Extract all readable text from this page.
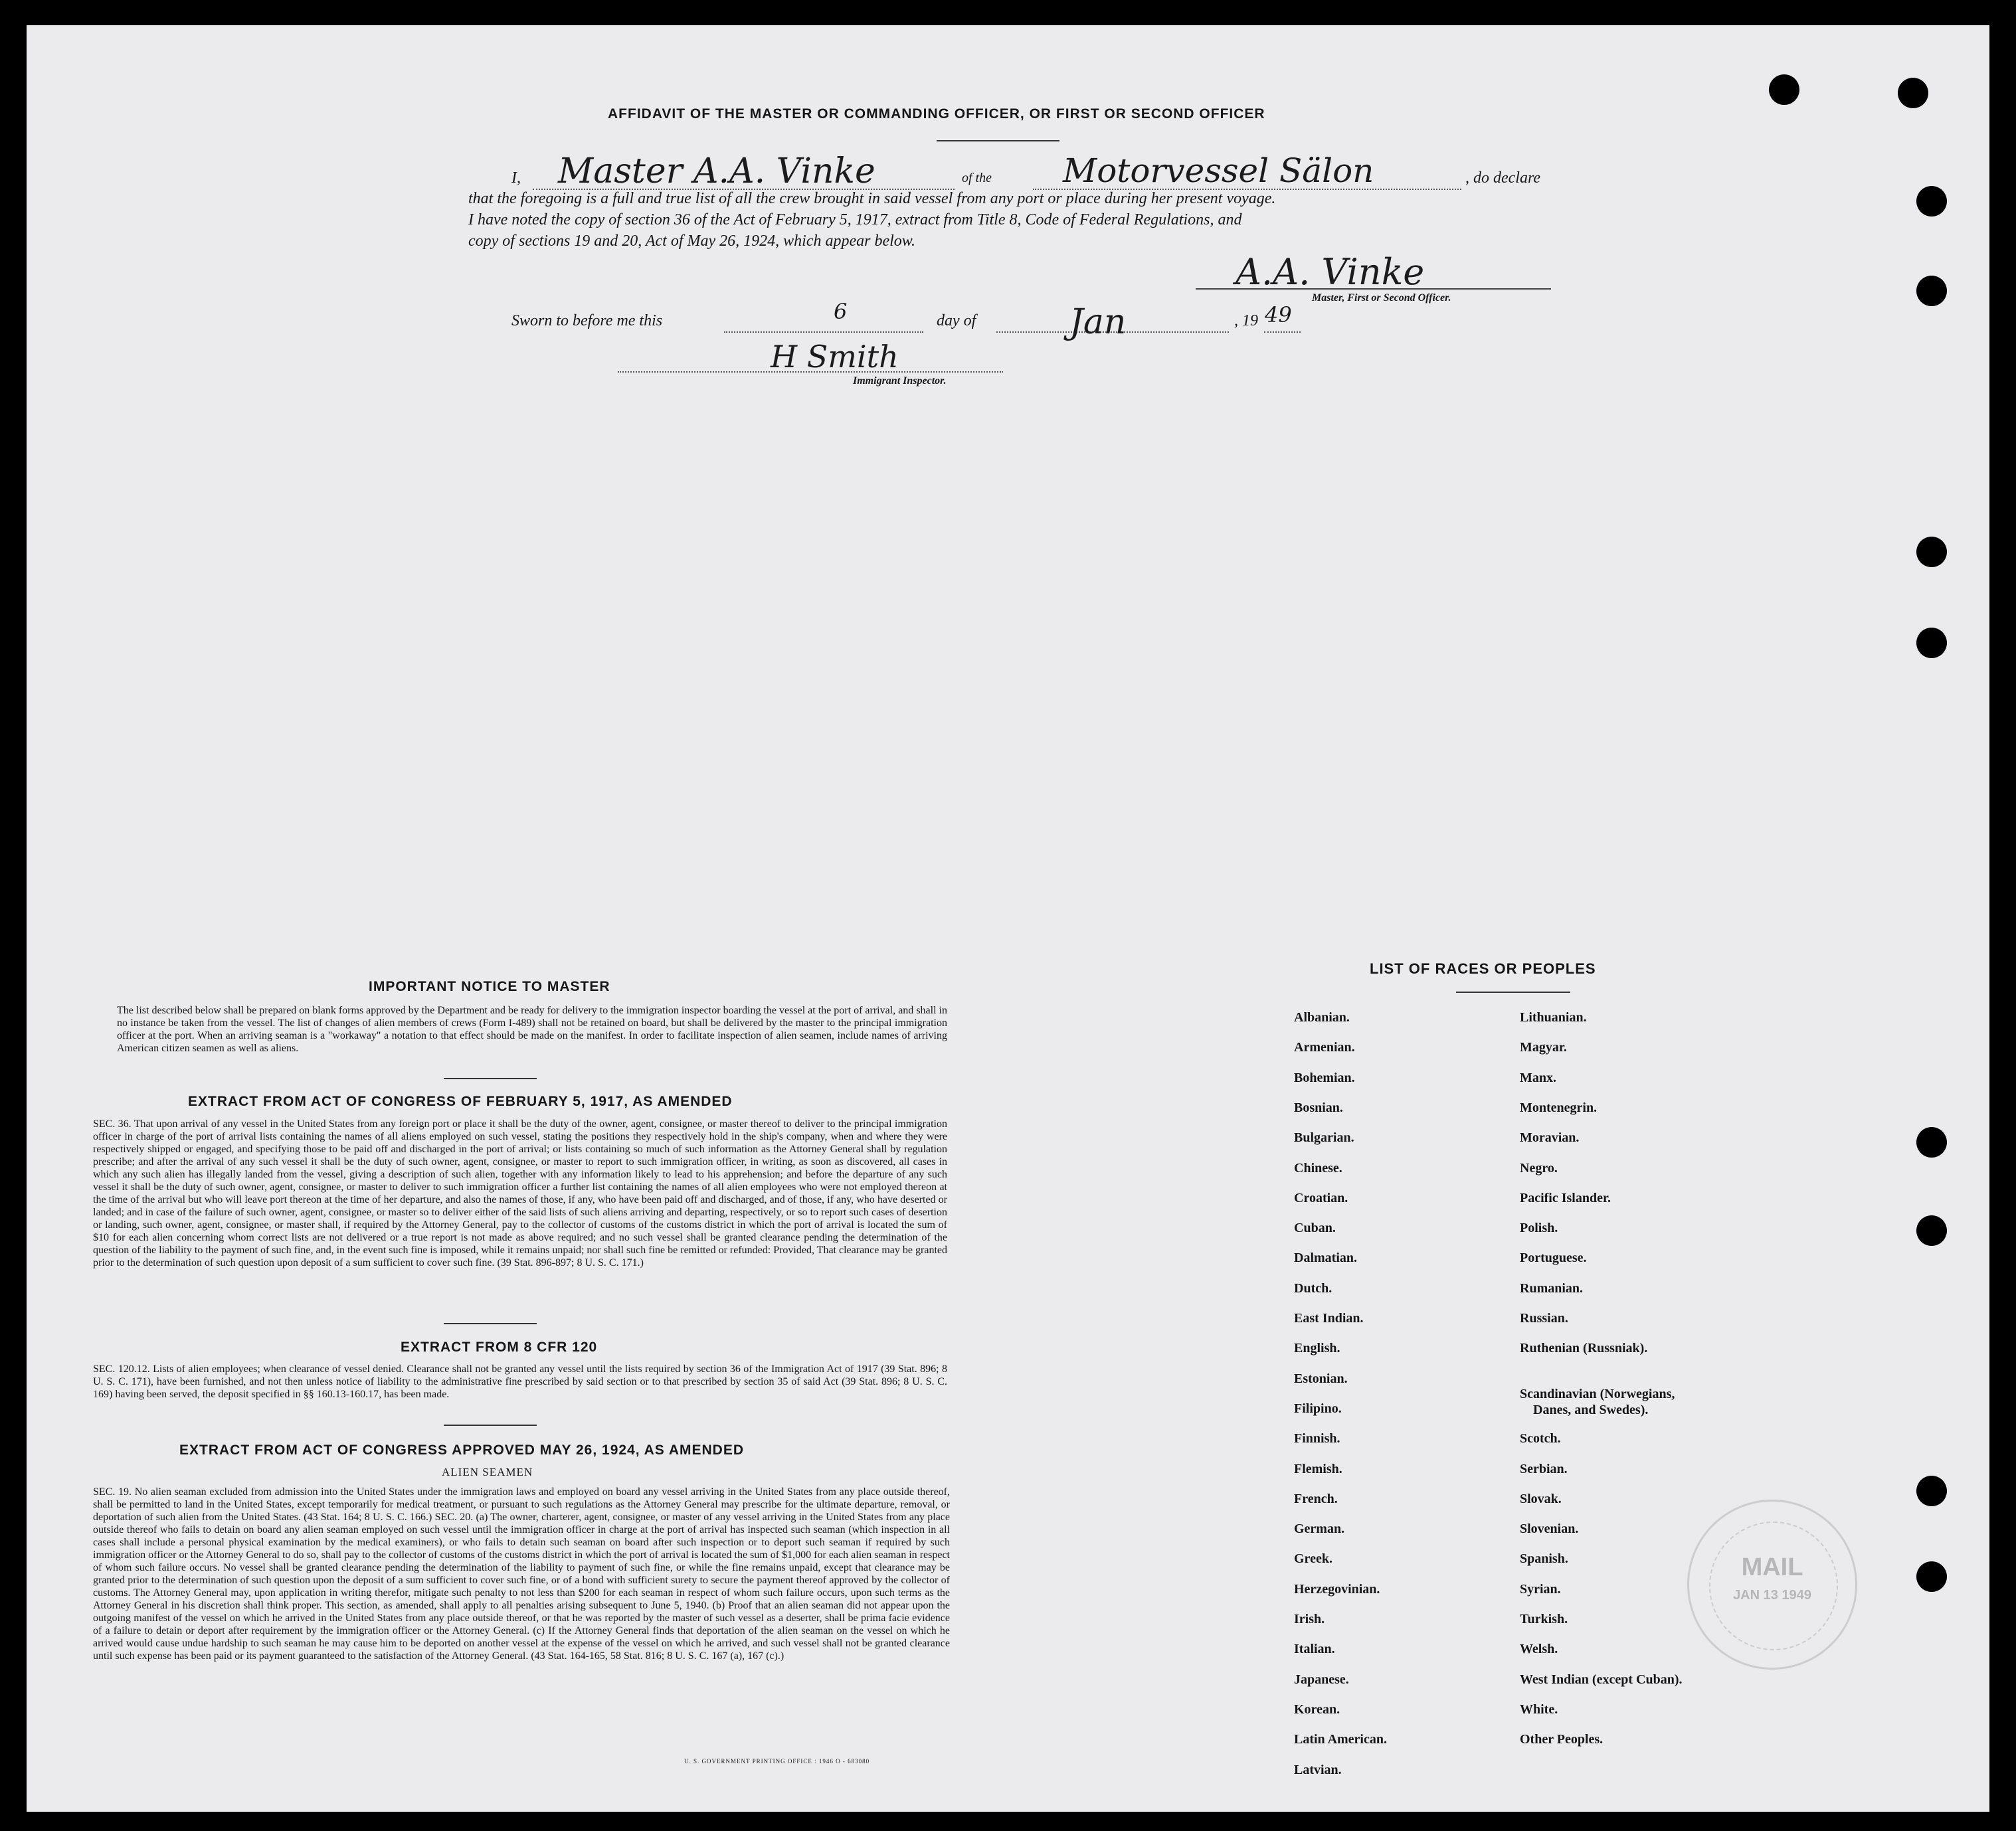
AFFIDAVIT OF THE MASTER OR COMMANDING OFFICER, OR FIRST OR SECOND OFFICER
I, Master A.A. Vinke	of the Motorvessel Sälon	, do declare
that the foregoing is a full and true list of all the crew brought in said vessel from any port or place during her present voyage.
I have noted the copy of section 36 of the Act of February 5, 1917, extract from Title 8, Code of Federal Regulations, and
copy of sections 19 and 20, Act of May 26, 1924, which appear below.
A.A. Vinke
Master, First or Second Officer.
Sworn to before me this	6	day of	Jan	, 19 49
H Smith
Immigrant Inspector.
IMPORTANT NOTICE TO MASTER
The list described below shall be prepared on blank forms approved by the Department and be ready for delivery to the immigration inspector boarding the vessel at the port of arrival, and shall in no instance be taken from the vessel. The list of changes of alien members of crews (Form I-489) shall not be retained on board, but shall be delivered by the master to the principal immigration officer at the port. When an arriving seaman is a "workaway" a notation to that effect should be made on the manifest. In order to facilitate inspection of alien seamen, include names of arriving American citizen seamen as well as aliens.
EXTRACT FROM ACT OF CONGRESS OF FEBRUARY 5, 1917, AS AMENDED
SEC. 36. That upon arrival of any vessel in the United States from any foreign port or place it shall be the duty of the owner, agent, consignee, or master thereof to deliver to the principal immigration officer in charge of the port of arrival lists containing the names of all aliens employed on such vessel, stating the positions they respectively hold in the ship's company, when and where they were respectively shipped or engaged, and specifying those to be paid off and discharged in the port of arrival; or lists containing so much of such information as the Attorney General shall by regulation prescribe; and after the arrival of any such vessel it shall be the duty of such owner, agent, consignee, or master to report to such immigration officer, in writing, as soon as discovered, all cases in which any such alien has illegally landed from the vessel, giving a description of such alien, together with any information likely to lead to his apprehension; and before the departure of any such vessel it shall be the duty of such owner, agent, consignee, or master to deliver to such immigration officer a further list containing the names of all alien employees who were not employed thereon at the time of the arrival but who will leave port thereon at the time of her departure, and also the names of those, if any, who have been paid off and discharged, and of those, if any, who have deserted or landed; and in case of the failure of such owner, agent, consignee, or master so to deliver either of the said lists of such aliens arriving and departing, respectively, or so to report such cases of desertion or landing, such owner, agent, consignee, or master shall, if required by the Attorney General, pay to the collector of customs of the customs district in which the port of arrival is located the sum of $10 for each alien concerning whom correct lists are not delivered or a true report is not made as above required; and no such vessel shall be granted clearance pending the determination of the question of the liability to the payment of such fine, and, in the event such fine is imposed, while it remains unpaid; nor shall such fine be remitted or refunded: Provided, That clearance may be granted prior to the determination of such question upon deposit of a sum sufficient to cover such fine. (39 Stat. 896-897; 8 U. S. C. 171.)
EXTRACT FROM 8 CFR 120
SEC. 120.12. Lists of alien employees; when clearance of vessel denied. Clearance shall not be granted any vessel until the lists required by section 36 of the Immigration Act of 1917 (39 Stat. 896; 8 U. S. C. 171), have been furnished, and not then unless notice of liability to the administrative fine prescribed by said section or to that prescribed by section 35 of said Act (39 Stat. 896; 8 U. S. C. 169) having been served, the deposit specified in §§ 160.13-160.17, has been made.
EXTRACT FROM ACT OF CONGRESS APPROVED MAY 26, 1924, AS AMENDED
ALIEN SEAMEN
SEC. 19. No alien seaman excluded from admission into the United States under the immigration laws and employed on board any vessel arriving in the United States from any place outside thereof, shall be permitted to land in the United States, except temporarily for medical treatment, or pursuant to such regulations as the Attorney General may prescribe for the ultimate departure, removal, or deportation of such alien from the United States. (43 Stat. 164; 8 U. S. C. 166.) SEC. 20. (a) The owner, charterer, agent, consignee, or master of any vessel arriving in the United States from any place outside thereof who fails to detain on board any alien seaman employed on such vessel until the immigration officer in charge at the port of arrival has inspected such seaman (which inspection in all cases shall include a personal physical examination by the medical examiners), or who fails to detain such seaman on board after such inspection or to deport such seaman if required by such immigration officer or the Attorney General to do so, shall pay to the collector of customs of the customs district in which the port of arrival is located the sum of $1,000 for each alien seaman in respect of whom such failure occurs. No vessel shall be granted clearance pending the determination of the liability to payment of such fine, or while the fine remains unpaid, except that clearance may be granted prior to the determination of such question upon the deposit of a sum sufficient to cover such fine, or of a bond with sufficient surety to secure the payment thereof approved by the collector of customs. The Attorney General may, upon application in writing therefor, mitigate such penalty to not less than $200 for each seaman in respect of whom such failure occurs, upon such terms as the Attorney General in his discretion shall think proper. This section, as amended, shall apply to all penalties arising subsequent to June 5, 1940. (b) Proof that an alien seaman did not appear upon the outgoing manifest of the vessel on which he arrived in the United States from any place outside thereof, or that he was reported by the master of such vessel as a deserter, shall be prima facie evidence of a failure to detain or deport after requirement by the immigration officer or the Attorney General. (c) If the Attorney General finds that deportation of the alien seaman on the vessel on which he arrived would cause undue hardship to such seaman he may cause him to be deported on another vessel at the expense of the vessel on which he arrived, and such vessel shall not be granted clearance until such expense has been paid or its payment guaranteed to the satisfaction of the Attorney General. (43 Stat. 164-165, 58 Stat. 816; 8 U. S. C. 167 (a), 167 (c).)
U. S. GOVERNMENT PRINTING OFFICE : 1946 O - 683080
LIST OF RACES OR PEOPLES
Albanian.
Armenian.
Bohemian.
Bosnian.
Bulgarian.
Chinese.
Croatian.
Cuban.
Dalmatian.
Dutch.
East Indian.
English.
Estonian.
Filipino.
Finnish.
Flemish.
French.
German.
Greek.
Herzegovinian.
Irish.
Italian.
Japanese.
Korean.
Latin American.
Latvian.
Lithuanian.
Magyar.
Manx.
Montenegrin.
Moravian.
Negro.
Pacific Islander.
Polish.
Portuguese.
Rumanian.
Russian.
Ruthenian (Russniak).
Scandinavian (Norwegians,
Danes, and Swedes).
Scotch.
Serbian.
Slovak.
Slovenian.
Spanish.
Syrian.
Turkish.
Welsh.
West Indian (except Cuban).
White.
Other Peoples.
MAIL
JAN 13 1949
